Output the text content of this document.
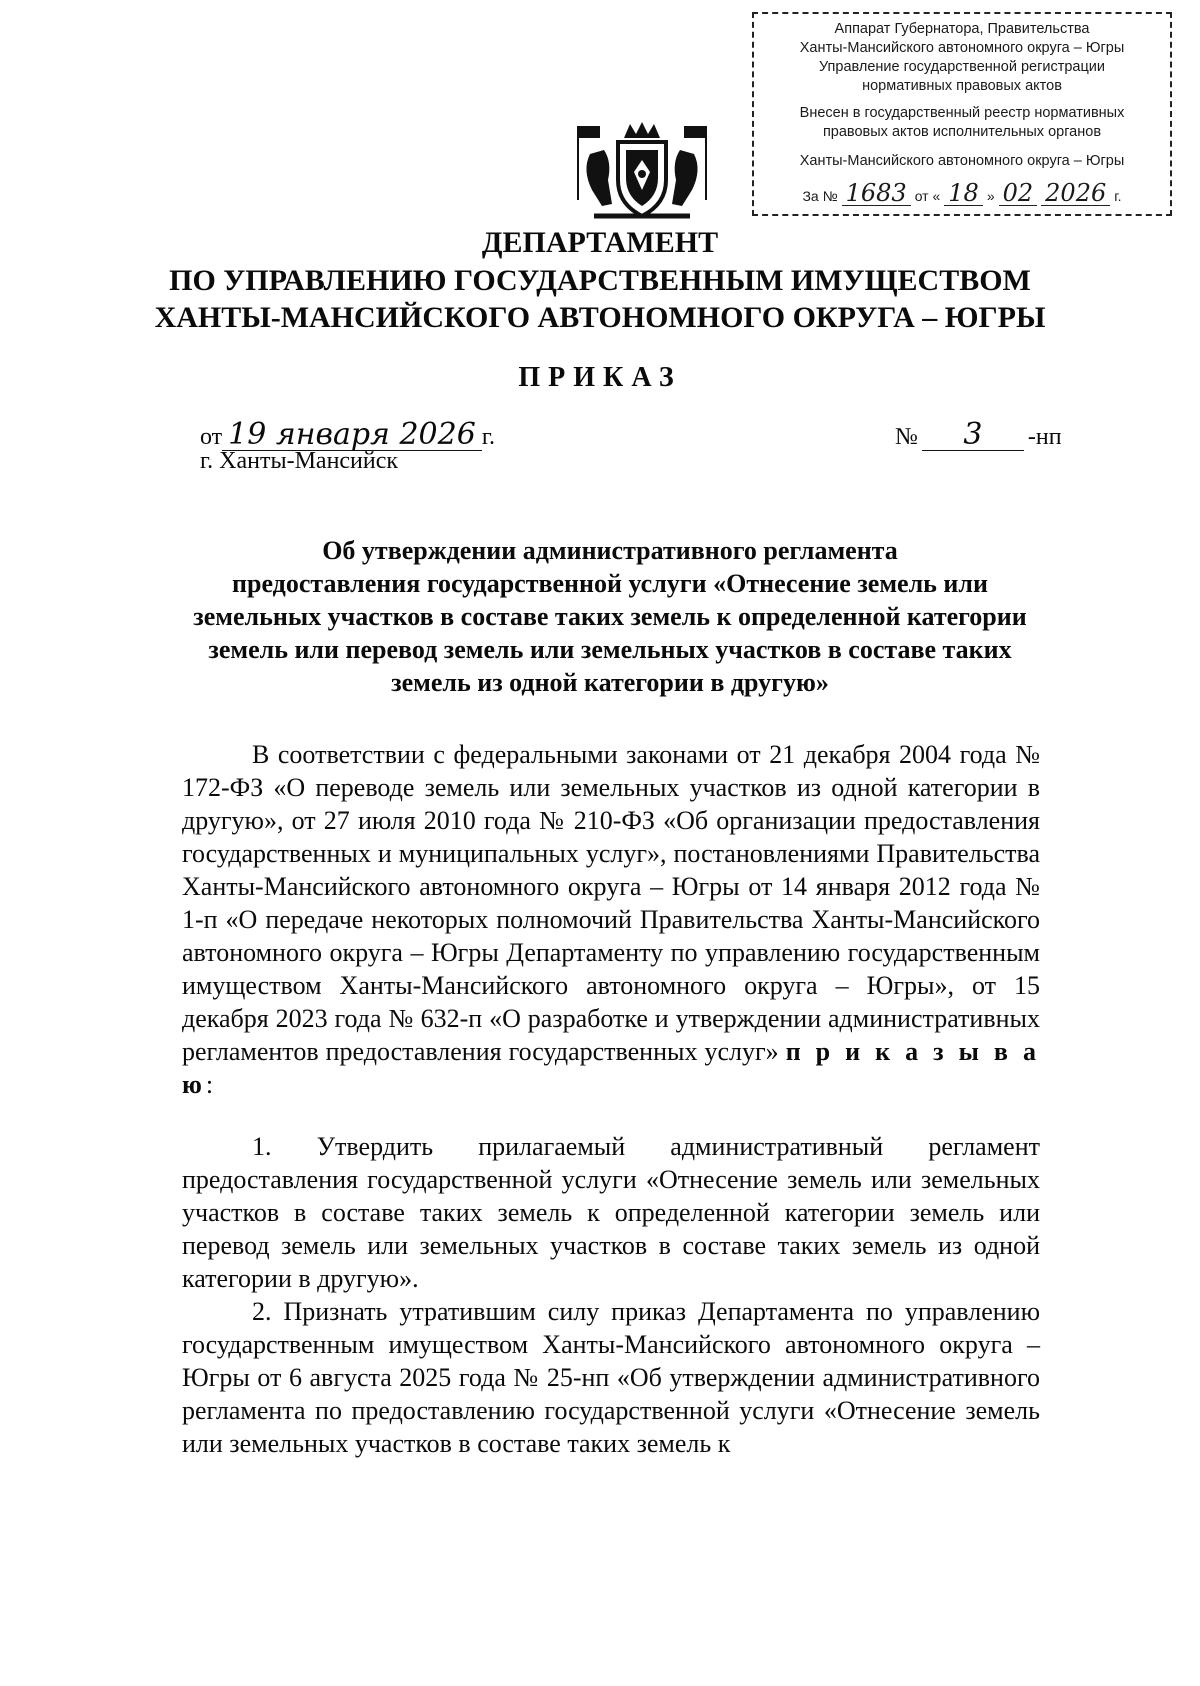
Аппарат Губернатора, Правительства
Ханты-Мансийского автономного округа – Югры
Управление государственной регистрации
нормативных правовых актов
Внесен в государственный реестр нормативных
правовых актов исполнительных органов
Ханты-Мансийского автономного округа – Югры
За № 1683 от « 18 » 02 2026 г.
ДЕПАРТАМЕНТ
ПО УПРАВЛЕНИЮ ГОСУДАРСТВЕННЫМ ИМУЩЕСТВОМ
ХАНТЫ-МАНСИЙСКОГО АВТОНОМНОГО ОКРУГА – ЮГРЫ
ПРИКАЗ
от 19 января 2026 г.
г. Ханты-Мансийск
№	3	-нп
Об утверждении административного регламента
предоставления государственной услуги «Отнесение земель или
земельных участков в составе таких земель к определенной категории
земель или перевод земель или земельных участков в составе таких
земель из одной категории в другую»
В соответствии с федеральными законами от 21 декабря 2004 года № 172-ФЗ «О переводе земель или земельных участков из одной категории в другую», от 27 июля 2010 года № 210-ФЗ «Об организации предоставления государственных и муниципальных услуг», постановлениями Правительства Ханты-Мансийского автономного округа – Югры от 14 января 2012 года № 1-п «О передаче некоторых полномочий Правительства Ханты-Мансийского автономного округа – Югры Департаменту по управлению государственным имуществом Ханты-Мансийского автономного округа – Югры», от 15 декабря 2023 года № 632-п «О разработке и утверждении административных регламентов предоставления государственных услуг» п р и к а з ы в а ю:
1. Утвердить прилагаемый административный регламент предоставления государственной услуги «Отнесение земель или земельных участков в составе таких земель к определенной категории земель или перевод земель или земельных участков в составе таких земель из одной категории в другую».
2. Признать утратившим силу приказ Департамента по управлению государственным имуществом Ханты-Мансийского автономного округа – Югры от 6 августа 2025 года № 25-нп «Об утверждении административного регламента по предоставлению государственной услуги «Отнесение земель или земельных участков в составе таких земель к
